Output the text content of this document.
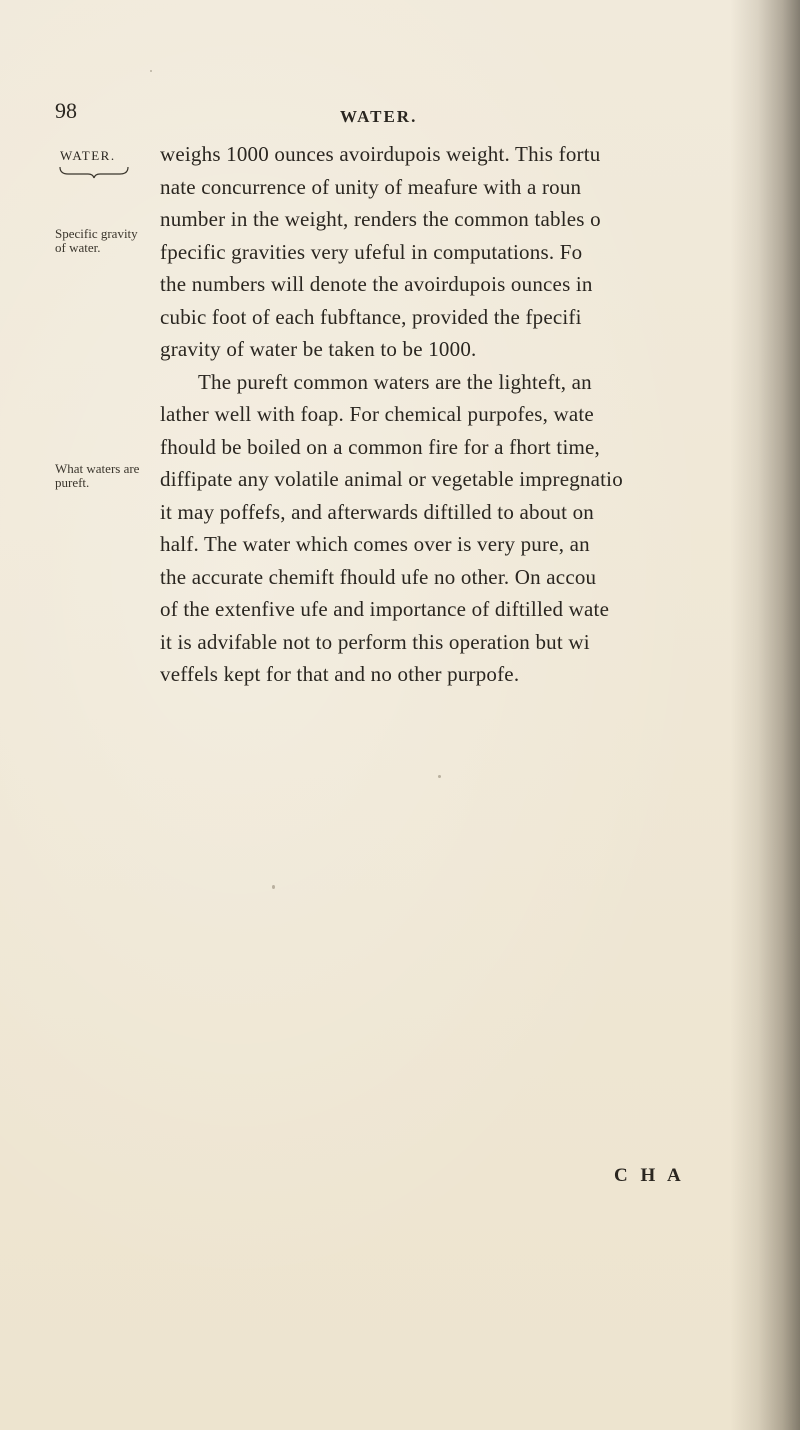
98	WATER.
WATER.
Specific gravity
of water.
What waters are
pureft.
weighs 1000 ounces avoirdupois weight. This fortu
nate concurrence of unity of meafure with a roun
number in the weight, renders the common tables o
fpecific gravities very ufeful in computations. Fo
the numbers will denote the avoirdupois ounces in
cubic foot of each fubftance, provided the fpecifi
gravity of water be taken to be 1000.
The pureft common waters are the lighteft, an
lather well with foap. For chemical purpofes, wate
fhould be boiled on a common fire for a fhort time,
diffipate any volatile animal or vegetable impregnatio
it may poffefs, and afterwards diftilled to about on
half. The water which comes over is very pure, an
the accurate chemift fhould ufe no other. On accou
of the extenfive ufe and importance of diftilled wate
it is advifable not to perform this operation but wi
veffels kept for that and no other purpofe.
C H A
